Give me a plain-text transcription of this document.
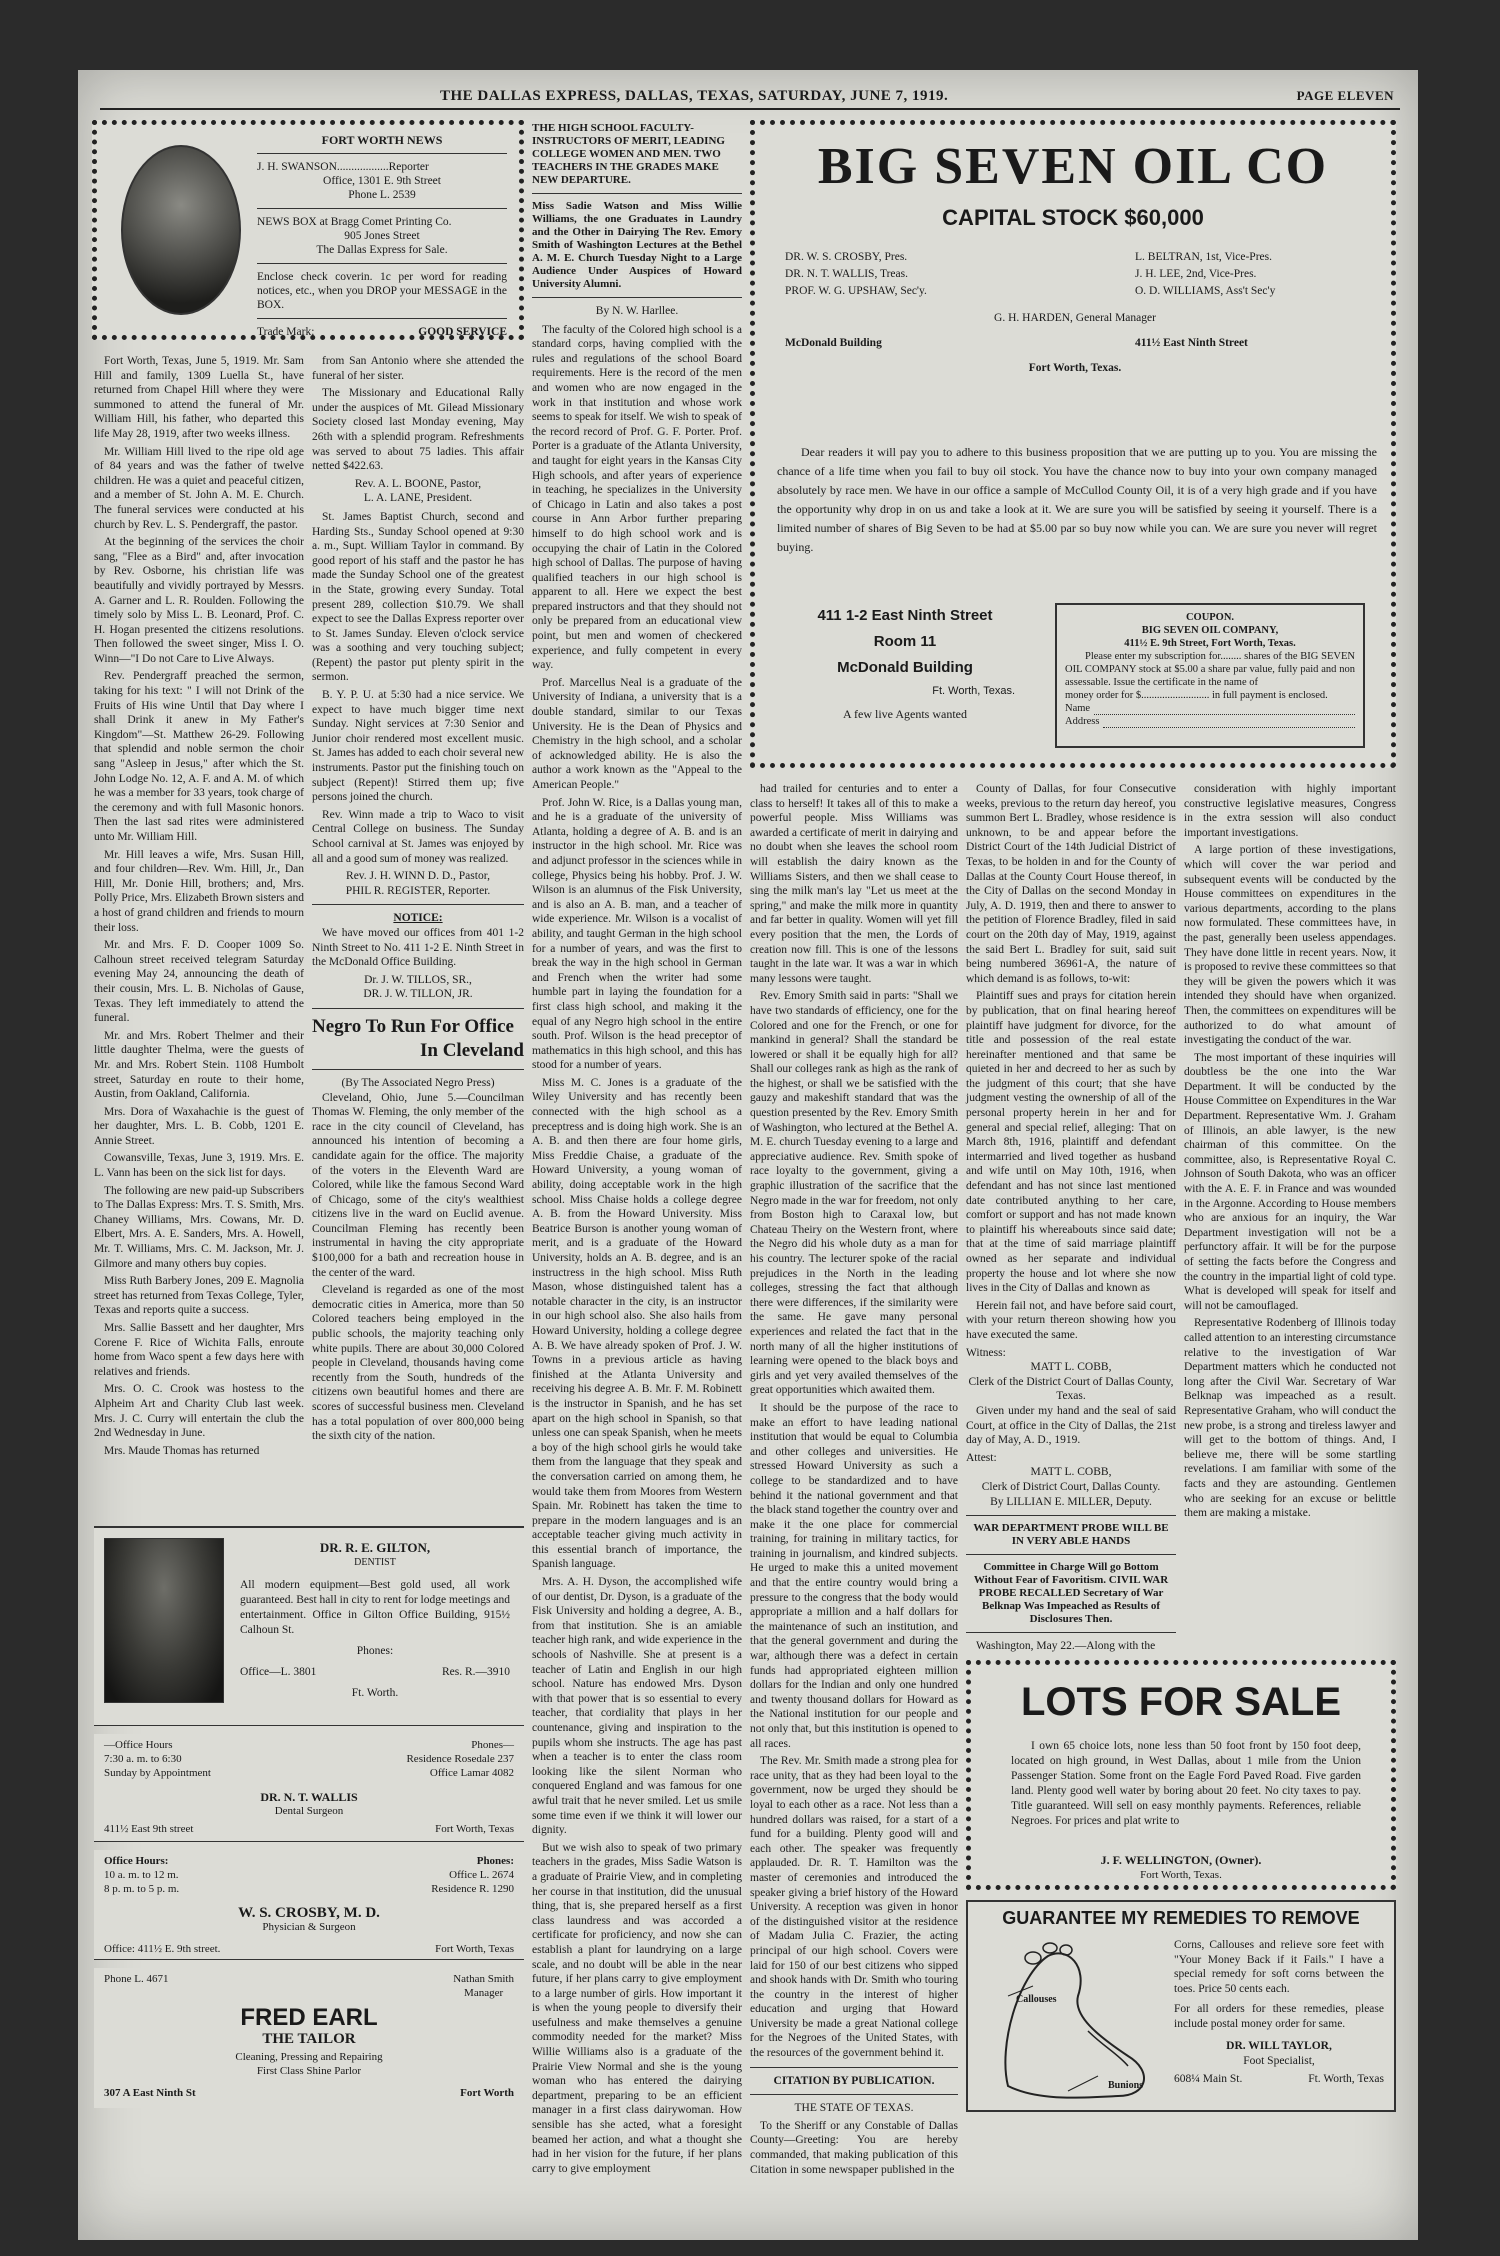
THE DALLAS EXPRESS, DALLAS, TEXAS, SATURDAY, JUNE 7, 1919.	PAGE ELEVEN
FORT WORTH NEWS
J. H. SWANSON..................Reporter
Office, 1301 E. 9th Street
Phone L. 2539
NEWS BOX at Bragg Comet Printing Co.
905 Jones Street
The Dallas Express for Sale.
Enclose check coverin. 1c per word for reading notices, etc., when you DROP your MESSAGE in the BOX.
Trade Mark:	GOOD SERVICE

Fort Worth, Texas, June 5, 1919. Mr. Sam Hill and family, 1309 Luella St., have returned from Chapel Hill where they were summoned to attend the funeral of Mr. William Hill, his father, who departed this life May 28, 1919, after two weeks illness.

Mr. William Hill lived to the ripe old age of 84 years and was the father of twelve children. He was a quiet and peaceful citizen, and a member of St. John A. M. E. Church. The funeral services were conducted at his church by Rev. L. S. Pendergraff, the pastor.

At the beginning of the services the choir sang, "Flee as a Bird" and, after invocation by Rev. Osborne, his christian life was beautifully and vividly portrayed by Messrs. A. Garner and L. R. Roulden. Following the timely solo by Miss L. B. Leonard, Prof. C. H. Hogan presented the citizens resolutions. Then followed the sweet singer, Miss I. O. Winn—"I Do not Care to Live Always.

Rev. Pendergraff preached the sermon, taking for his text: " I will not Drink of the Fruits of His wine Until that Day where I shall Drink it anew in My Father's Kingdom"—St. Matthew 26-29. Following that splendid and noble sermon the choir sang "Asleep in Jesus," after which the St. John Lodge No. 12, A. F. and A. M. of which he was a member for 33 years, took charge of the ceremony and with full Masonic honors. Then the last sad rites were administered unto Mr. William Hill.

Mr. Hill leaves a wife, Mrs. Susan Hill, and four children—Rev. Wm. Hill, Jr., Dan Hill, Mr. Donie Hill, brothers; and, Mrs. Polly Price, Mrs. Elizabeth Brown sisters and a host of grand children and friends to mourn their loss.

Mr. and Mrs. F. D. Cooper 1009 So. Calhoun street received telegram Saturday evening May 24, announcing the death of their cousin, Mrs. L. B. Nicholas of Gause, Texas. They left immediately to attend the funeral.

Mr. and Mrs. Robert Thelmer and their little daughter Thelma, were the guests of Mr. and Mrs. Robert Stein. 1108 Humbolt street, Saturday en route to their home, Austin, from Oakland, California.

Mrs. Dora of Waxahachie is the guest of her daughter, Mrs. L. B. Cobb, 1201 E. Annie Street.

Cowansville, Texas, June 3, 1919. Mrs. E. L. Vann has been on the sick list for days.

The following are new paid-up Subscribers to The Dallas Express: Mrs. T. S. Smith, Mrs. Chaney Williams, Mrs. Cowans, Mr. D. Elbert, Mrs. A. E. Sanders, Mrs. A. Howell, Mr. T. Williams, Mrs. C. M. Jackson, Mr. J. Gilmore and many others buy copies.

Miss Ruth Barbery Jones, 209 E. Magnolia street has returned from Texas College, Tyler, Texas and reports quite a success.

Mrs. Sallie Bassett and her daughter, Mrs Corene F. Rice of Wichita Falls, enroute home from Waco spent a few days here with relatives and friends.

Mrs. O. C. Crook was hostess to the Alpheim Art and Charity Club last week. Mrs. J. C. Curry will entertain the club the 2nd Wednesday in June.

Mrs. Maude Thomas has returned

from San Antonio where she attended the funeral of her sister.

The Missionary and Educational Rally under the auspices of Mt. Gilead Missionary Society closed last Monday evening, May 26th with a splendid program. Refreshments was served to about 75 ladies. This affair netted $422.63.

Rev. A. L. BOONE, Pastor,
L. A. LANE, President.

St. James Baptist Church, second and Harding Sts., Sunday School opened at 9:30 a. m., Supt. William Taylor in command. By good report of his staff and the pastor he has made the Sunday School one of the greatest in the State, growing every Sunday. Total present 289, collection $10.79. We shall expect to see the Dallas Express reporter over to St. James Sunday. Eleven o'clock service was a soothing and very touching subject; (Repent) the pastor put plenty spirit in the sermon.

B. Y. P. U. at 5:30 had a nice service. We expect to have much bigger time next Sunday. Night services at 7:30 Senior and Junior choir rendered most excellent music. St. James has added to each choir several new instruments. Pastor put the finishing touch on subject (Repent)! Stirred them up; five persons joined the church.

Rev. Winn made a trip to Waco to visit Central College on business. The Sunday School carnival at St. James was enjoyed by all and a good sum of money was realized.

Rev. J. H. WINN D. D., Pastor,
PHIL R. REGISTER, Reporter.
NOTICE:

We have moved our offices from 401 1-2 Ninth Street to No. 411 1-2 E. Ninth Street in the McDonald Office Building.

Dr. J. W. TILLOS, SR.,
DR. J. W. TILLON, JR.
Negro To Run For Office
In Cleveland
(By The Associated Negro Press)

Cleveland, Ohio, June 5.—Councilman Thomas W. Fleming, the only member of the race in the city council of Cleveland, has announced his intention of becoming a candidate again for the office. The majority of the voters in the Eleventh Ward are Colored, while like the famous Second Ward of Chicago, some of the city's wealthiest citizens live in the ward on Euclid avenue. Councilman Fleming has recently been instrumental in having the city appropriate $100,000 for a bath and recreation house in the center of the ward.

Cleveland is regarded as one of the most democratic cities in America, more than 50 Colored teachers being employed in the public schools, the majority teaching only white pupils. There are about 30,000 Colored people in Cleveland, thousands having come recently from the South, hundreds of the citizens own beautiful homes and there are scores of successful business men. Cleveland has a total population of over 800,000 being the sixth city of the nation.

DR. R. E. GILTON,
DENTIST
All modern equipment—Best gold used, all work guaranteed. Best hall in city to rent for lodge meetings and entertainment. Office in Gilton Office Building, 915½ Calhoun St.
Phones:
Office—L. 3801	Res. R.—3910
Ft. Worth.
—Office Hours
7:30 a. m. to 6:30
Sunday by Appointment
Phones—
Residence Rosedale 237
Office Lamar 4082
DR. N. T. WALLIS
Dental Surgeon
411½ East 9th street	Fort Worth, Texas
Office Hours:
10 a. m. to 12 m.
8 p. m. to 5 p. m.
Phones:
Office L. 2674
Residence R. 1290
W. S. CROSBY, M. D.
Physician & Surgeon
Office: 411½ E. 9th street.	Fort Worth, Texas
Phone L. 4671	Nathan Smith
Manager
FRED EARL
THE TAILOR
Cleaning, Pressing and Repairing
First Class Shine Parlor
307 A East Ninth St	Fort Worth
THE HIGH SCHOOL FACULTY-INSTRUCTORS OF MERIT, LEADING COLLEGE WOMEN AND MEN. TWO TEACHERS IN THE GRADES MAKE NEW DEPARTURE.
Miss Sadie Watson and Miss Willie Williams, the one Graduates in Laundry and the Other in Dairying The Rev. Emory Smith of Washington Lectures at the Bethel A. M. E. Church Tuesday Night to a Large Audience Under Auspices of Howard University Alumni.
By N. W. Harllee.

The faculty of the Colored high school is a standard corps, having complied with the rules and regulations of the school Board requirements. Here is the record of the men and women who are now engaged in the work in that institution and whose work seems to speak for itself. We wish to speak of the record record of Prof. G. F. Porter. Prof. Porter is a graduate of the Atlanta University, and taught for eight years in the Kansas City High schools, and after years of experience in teaching, he specializes in the University of Chicago in Latin and also takes a post course in Ann Arbor further preparing himself to do high school work and is occupying the chair of Latin in the Colored high school of Dallas. The purpose of having qualified teachers in our high school is apparent to all. Here we expect the best prepared instructors and that they should not only be prepared from an educational view point, but men and women of checkered experience, and fully competent in every way.

Prof. Marcellus Neal is a graduate of the University of Indiana, a university that is a double standard, similar to our Texas University. He is the Dean of Physics and Chemistry in the high school, and a scholar of acknowledged ability. He is also the author a work known as the "Appeal to the American People."

Prof. John W. Rice, is a Dallas young man, and he is a graduate of the university of Atlanta, holding a degree of A. B. and is an instructor in the high school. Mr. Rice was and adjunct professor in the sciences while in college, Physics being his hobby. Prof. J. W. Wilson is an alumnus of the Fisk University, and is also an A. B. man, and a teacher of wide experience. Mr. Wilson is a vocalist of ability, and taught German in the high school for a number of years, and was the first to break the way in the high school in German and French when the writer had some humble part in laying the foundation for a first class high school, and making it the equal of any Negro high school in the entire south. Prof. Wilson is the head preceptor of mathematics in this high school, and this has stood for a number of years.

Miss M. C. Jones is a graduate of the Wiley University and has recently been connected with the high school as a preceptress and is doing high work. She is an A. B. and then there are four home girls, Miss Freddie Chaise, a graduate of the Howard University, a young woman of ability, doing acceptable work in the high school. Miss Chaise holds a college degree A. B. from the Howard University. Miss Beatrice Burson is another young woman of merit, and is a graduate of the Howard University, holds an A. B. degree, and is an instructress in the high school. Miss Ruth Mason, whose distinguished talent has a notable character in the city, is an instructor in our high school also. She also hails from Howard University, holding a college degree A. B. We have already spoken of Prof. J. W. Towns in a previous article as having finished at the Atlanta University and receiving his degree A. B. Mr. F. M. Robinett is the instructor in Spanish, and he has set apart on the high school in Spanish, so that unless one can speak Spanish, when he meets a boy of the high school girls he would take them from the language that they speak and the conversation carried on among them, he would take them from Moores from Western Spain. Mr. Robinett has taken the time to prepare in the modern languages and is an acceptable teacher giving much activity in this essential branch of importance, the Spanish language.

Mrs. A. H. Dyson, the accomplished wife of our dentist, Dr. Dyson, is a graduate of the Fisk University and holding a degree, A. B., from that institution. She is an amiable teacher high rank, and wide experience in the schools of Nashville. She at present is a teacher of Latin and English in our high school. Nature has endowed Mrs. Dyson with that power that is so essential to every teacher, that cordiality that plays in her countenance, giving and inspiration to the pupils whom she instructs. The age has past when a teacher is to enter the class room looking like the silent Norman who conquered England and was famous for one awful trait that he never smiled. Let us smile some time even if we think it will lower our dignity.

But we wish also to speak of two primary teachers in the grades, Miss Sadie Watson is a graduate of Prairie View, and in completing her course in that institution, did the unusual thing, that is, she prepared herself as a first class laundress and was accorded a certificate for proficiency, and now she can establish a plant for laundrying on a large scale, and no doubt will be able in the near future, if her plans carry to give employment to a large number of girls. How important it is when the young people to diversify their usefulness and make themselves a genuine commodity needed for the market? Miss Willie Williams also is a graduate of the Prairie View Normal and she is the young woman who has entered the dairying department, preparing to be an efficient manager in a first class dairywoman. How sensible has she acted, what a foresight beamed her action, and what a thought she had in her vision for the future, if her plans carry to give employment

BIG SEVEN OIL CO
CAPITAL STOCK $60,000
DR. W. S. CROSBY, Pres.	L. BELTRAN, 1st, Vice-Pres.
DR. N. T. WALLIS, Treas.	J. H. LEE, 2nd, Vice-Pres.
PROF. W. G. UPSHAW, Sec'y.	O. D. WILLIAMS, Ass't Sec'y
G. H. HARDEN, General Manager
McDonald Building	411½ East Ninth Street
Fort Worth, Texas.
Dear readers it will pay you to adhere to this business proposition that we are putting up to you. You are missing the chance of a life time when you fail to buy oil stock. You have the chance now to buy into your own company managed absolutely by race men. We have in our office a sample of McCullod County Oil, it is of a very high grade and if you have the opportunity why drop in on us and take a look at it. We are sure you will be satisfied by seeing it yourself. There is a limited number of shares of Big Seven to be had at $5.00 par so buy now while you can. We are sure you never will regret buying.
411 1-2 East Ninth Street
Room 11
McDonald Building
Ft. Worth, Texas.
A few live Agents wanted
COUPON.
BIG SEVEN OIL COMPANY,
411½ E. 9th Street, Fort Worth, Texas.
Please enter my subscription for........ shares of the BIG SEVEN OIL COMPANY stock at $5.00 a share par value, fully paid and non assessable. Issue the certificate in the name of
money order for $.......................... in full payment is enclosed.
Name
Address

had trailed for centuries and to enter a class to herself! It takes all of this to make a powerful people. Miss Williams was awarded a certificate of merit in dairying and no doubt when she leaves the school room will establish the dairy known as the Williams Sisters, and then we shall cease to sing the milk man's lay "Let us meet at the spring," and make the milk more in quantity and far better in quality. Women will yet fill every position that the men, the Lords of creation now fill. This is one of the lessons taught in the late war. It was a war in which many lessons were taught.

Rev. Emory Smith said in parts: "Shall we have two standards of efficiency, one for the Colored and one for the French, or one for mankind in general? Shall the standard be lowered or shall it be equally high for all? Shall our colleges rank as high as the rank of the highest, or shall we be satisfied with the gauzy and makeshift standard that was the question presented by the Rev. Emory Smith of Washington, who lectured at the Bethel A. M. E. church Tuesday evening to a large and appreciative audience. Rev. Smith spoke of race loyalty to the government, giving a graphic illustration of the sacrifice that the Negro made in the war for freedom, not only from Boston high to Caraxal low, but Chateau Theiry on the Western front, where the Negro did his whole duty as a man for his country. The lecturer spoke of the racial prejudices in the North in the leading colleges, stressing the fact that although there were differences, if the similarity were the same. He gave many personal experiences and related the fact that in the north many of all the higher institutions of learning were opened to the black boys and girls and yet very availed themselves of the great opportunities which awaited them.

It should be the purpose of the race to make an effort to have leading national institution that would be equal to Columbia and other colleges and universities. He stressed Howard University as such a college to be standardized and to have behind it the national government and that the black stand together the country over and make it the one place for commercial training, for training in military tactics, for training in journalism, and kindred subjects. He urged to make this a united movement and that the entire country would bring a pressure to the congress that the body would appropriate a million and a half dollars for the maintenance of such an institution, and that the general government and during the war, although there was a defect in certain funds had appropriated eighteen million dollars for the Indian and only one hundred and twenty thousand dollars for Howard as the National institution for our people and not only that, but this institution is opened to all races.

The Rev. Mr. Smith made a strong plea for race unity, that as they had been loyal to the government, now be urged they should be loyal to each other as a race. Not less than a hundred dollars was raised, for a start of a fund for a building. Plenty good will and each other. The speaker was frequently applauded. Dr. R. T. Hamilton was the master of ceremonies and introduced the speaker giving a brief history of the Howard University. A reception was given in honor of the distinguished visitor at the residence of Madam Julia C. Frazier, the acting principal of our high school. Covers were laid for 150 of our best citizens who sipped and shook hands with Dr. Smith who touring the country in the interest of higher education and urging that Howard University be made a great National college for the Negroes of the United States, with the resources of the government behind it.

CITATION BY PUBLICATION.
THE STATE OF TEXAS.

To the Sheriff or any Constable of Dallas County—Greeting: You are hereby commanded, that making publication of this Citation in some newspaper published in the

County of Dallas, for four Consecutive weeks, previous to the return day hereof, you summon Bert L. Bradley, whose residence is unknown, to be and appear before the District Court of the 14th Judicial District of Texas, to be holden in and for the County of Dallas at the County Court House thereof, in the City of Dallas on the second Monday in July, A. D. 1919, then and there to answer to the petition of Florence Bradley, filed in said court on the 20th day of May, 1919, against the said Bert L. Bradley for suit, said suit being numbered 36961-A, the nature of which demand is as follows, to-wit:

Plaintiff sues and prays for citation herein by publication, that on final hearing hereof plaintiff have judgment for divorce, for the title and possession of the real estate hereinafter mentioned and that same be quieted in her and decreed to her as such by the judgment of this court; that she have judgment vesting the ownership of all of the personal property herein in her and for general and special relief, alleging: That on March 8th, 1916, plaintiff and defendant intermarried and lived together as husband and wife until on May 10th, 1916, when defendant and has not since last mentioned date contributed anything to her care, comfort or support and has not made known to plaintiff his whereabouts since said date; that at the time of said marriage plaintiff owned as her separate and individual property the house and lot where she now lives in the City of Dallas and known as

Herein fail not, and have before said court, with your return thereon showing how you have executed the same.

Witness:
MATT L. COBB,
Clerk of the District Court of Dallas County, Texas.

Given under my hand and the seal of said Court, at office in the City of Dallas, the 21st day of May, A. D., 1919.

Attest:
MATT L. COBB,
Clerk of District Court, Dallas County.
By LILLIAN E. MILLER, Deputy.
WAR DEPARTMENT PROBE WILL BE IN VERY ABLE HANDS
Committee in Charge Will go Bottom Without Fear of Favoritism. CIVIL WAR PROBE RECALLED Secretary of War Belknap Was Impeached as Results of Disclosures Then.

Washington, May 22.—Along with the

consideration with highly important constructive legislative measures, Congress in the extra session will also conduct important investigations.

A large portion of these investigations, which will cover the war period and subsequent events will be conducted by the House committees on expenditures in the various departments, according to the plans now formulated. These committees have, in the past, generally been useless appendages. They have done little in recent years. Now, it is proposed to revive these committees so that they will be given the powers which it was intended they should have when organized. Then, the committees on expenditures will be authorized to do what amount of investigating the conduct of the war.

The most important of these inquiries will doubtless be the one into the War Department. It will be conducted by the House Committee on Expenditures in the War Department. Representative Wm. J. Graham of Illinois, an able lawyer, is the new chairman of this committee. On the committee, also, is Representative Royal C. Johnson of South Dakota, who was an officer with the A. E. F. in France and was wounded in the Argonne. According to House members who are anxious for an inquiry, the War Department investigation will not be a perfunctory affair. It will be for the purpose of setting the facts before the Congress and the country in the impartial light of cold type. What is developed will speak for itself and will not be camouflaged.

Representative Rodenberg of Illinois today called attention to an interesting circumstance relative to the investigation of War Department matters which he conducted not long after the Civil War. Secretary of War Belknap was impeached as a result. Representative Graham, who will conduct the new probe, is a strong and tireless lawyer and will get to the bottom of things. And, I believe me, there will be some startling revelations. I am familiar with some of the facts and they are astounding. Gentlemen who are seeking for an excuse or belittle them are making a mistake.

LOTS FOR SALE
I own 65 choice lots, none less than 50 foot front by 150 foot deep, located on high ground, in West Dallas, about 1 mile from the Union Passenger Station. Some front on the Eagle Ford Paved Road. Five garden land. Plenty good well water by boring about 20 feet. No city taxes to pay. Title guaranteed. Will sell on easy monthly payments. References, reliable Negroes. For prices and plat write to
J. F. WELLINGTON, (Owner).
Fort Worth, Texas.
GUARANTEE MY REMEDIES TO REMOVE
Callouses
Bunions
Corns, Callouses and relieve sore feet with "Your Money Back if it Fails." I have a special remedy for soft corns between the toes. Price 50 cents each.
For all orders for these remedies, please include postal money order for same.
DR. WILL TAYLOR,
Foot Specialist,
608¼ Main St.	Ft. Worth, Texas
